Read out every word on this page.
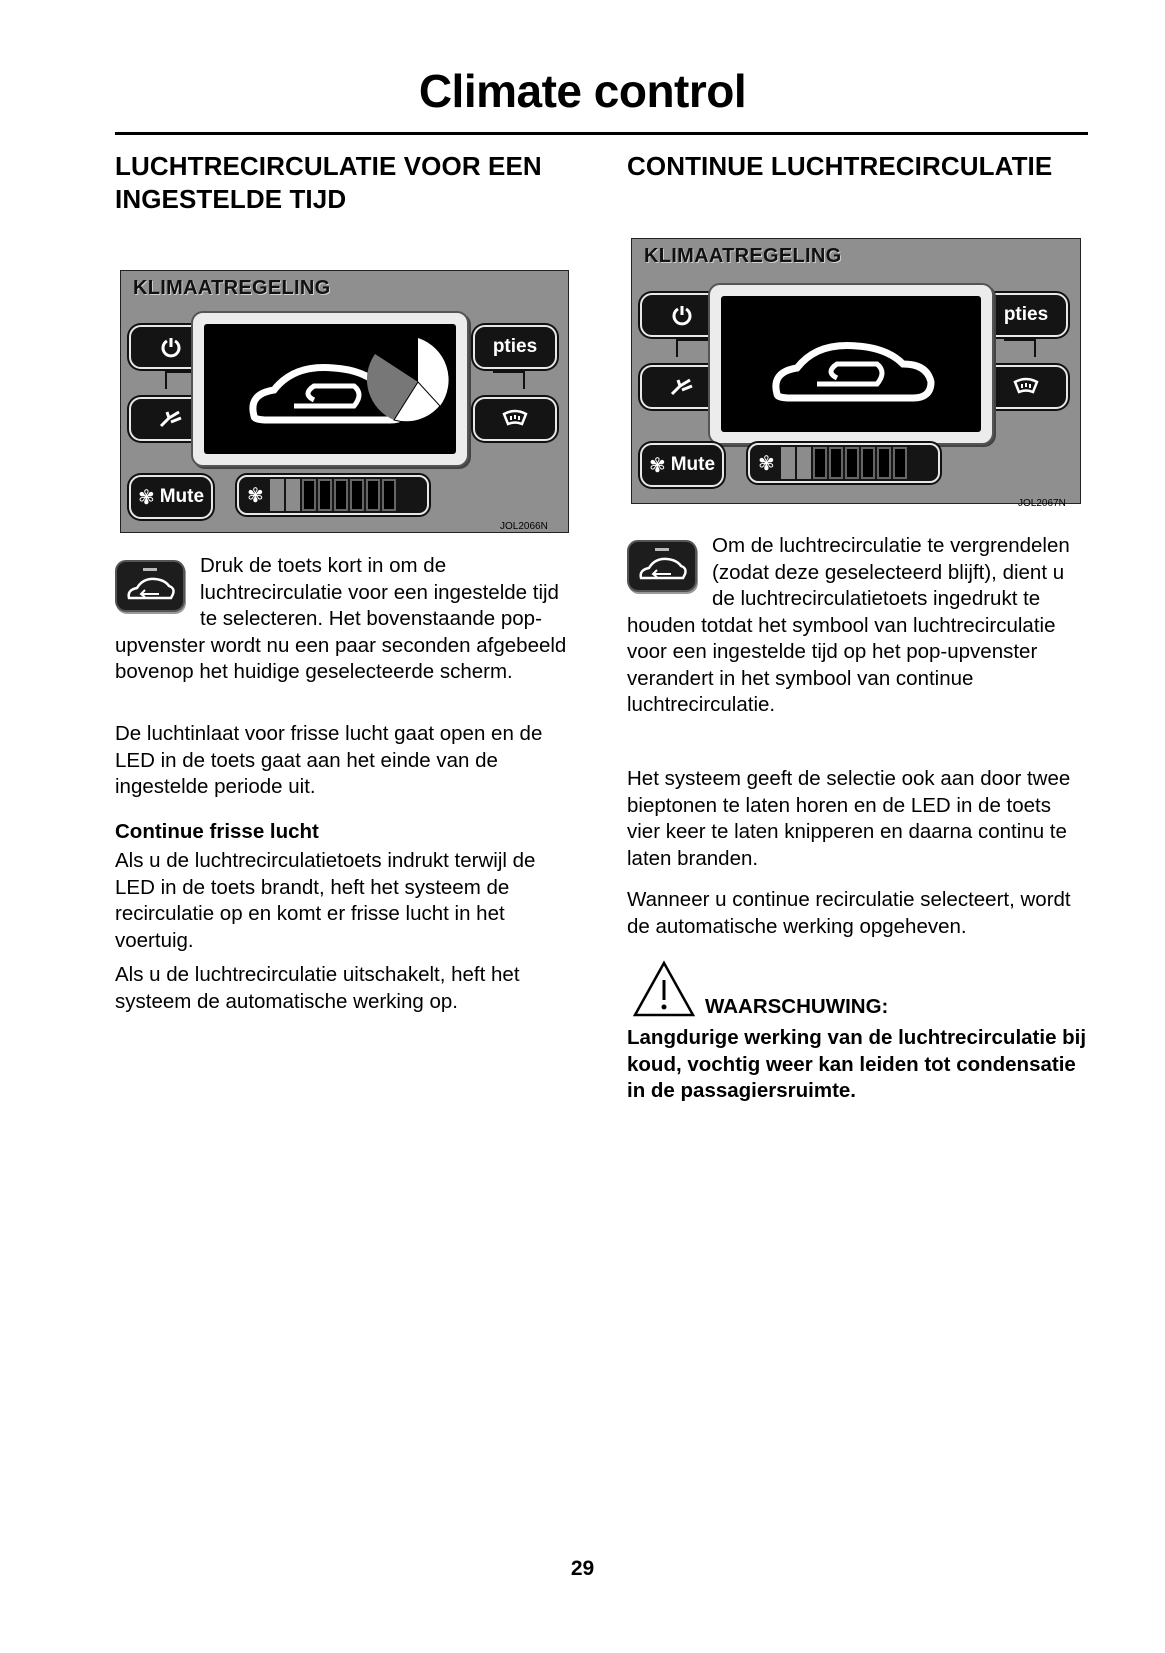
Climate control
LUCHTRECIRCULATIE VOOR EEN
INGESTELDE TIJD
KLIMAATREGELING
pties
✾ Mute ✾
JOL2066N

Druk de toets kort in om de luchtrecirculatie voor een ingestelde tijd te selecteren. Het bovenstaande pop-upvenster wordt nu een paar seconden afgebeeld bovenop het huidige geselecteerde scherm.

De luchtinlaat voor frisse lucht gaat open en de LED in de toets gaat aan het einde van de ingestelde periode uit.

Continue frisse lucht

Als u de luchtrecirculatietoets indrukt terwijl de LED in de toets brandt, heft het systeem de recirculatie op en komt er frisse lucht in het voertuig.

Als u de luchtrecirculatie uitschakelt, heft het systeem de automatische werking op.

CONTINUE LUCHTRECIRCULATIE
KLIMAATREGELING
pties
✾ Mute ✾
JOL2067N

Om de luchtrecirculatie te vergrendelen (zodat deze geselecteerd blijft), dient u de luchtrecirculatietoets ingedrukt te houden totdat het symbool van luchtrecirculatie voor een ingestelde tijd op het pop-upvenster verandert in het symbool van continue luchtrecirculatie.

Het systeem geeft de selectie ook aan door twee bieptonen te laten horen en de LED in de toets vier keer te laten knipperen en daarna continu te laten branden.

Wanneer u continue recirculatie selecteert, wordt de automatische werking opgeheven.

WAARSCHUWING:
Langdurige werking van de luchtrecirculatie bij koud, vochtig weer kan leiden tot condensatie in de passagiersruimte.
29
